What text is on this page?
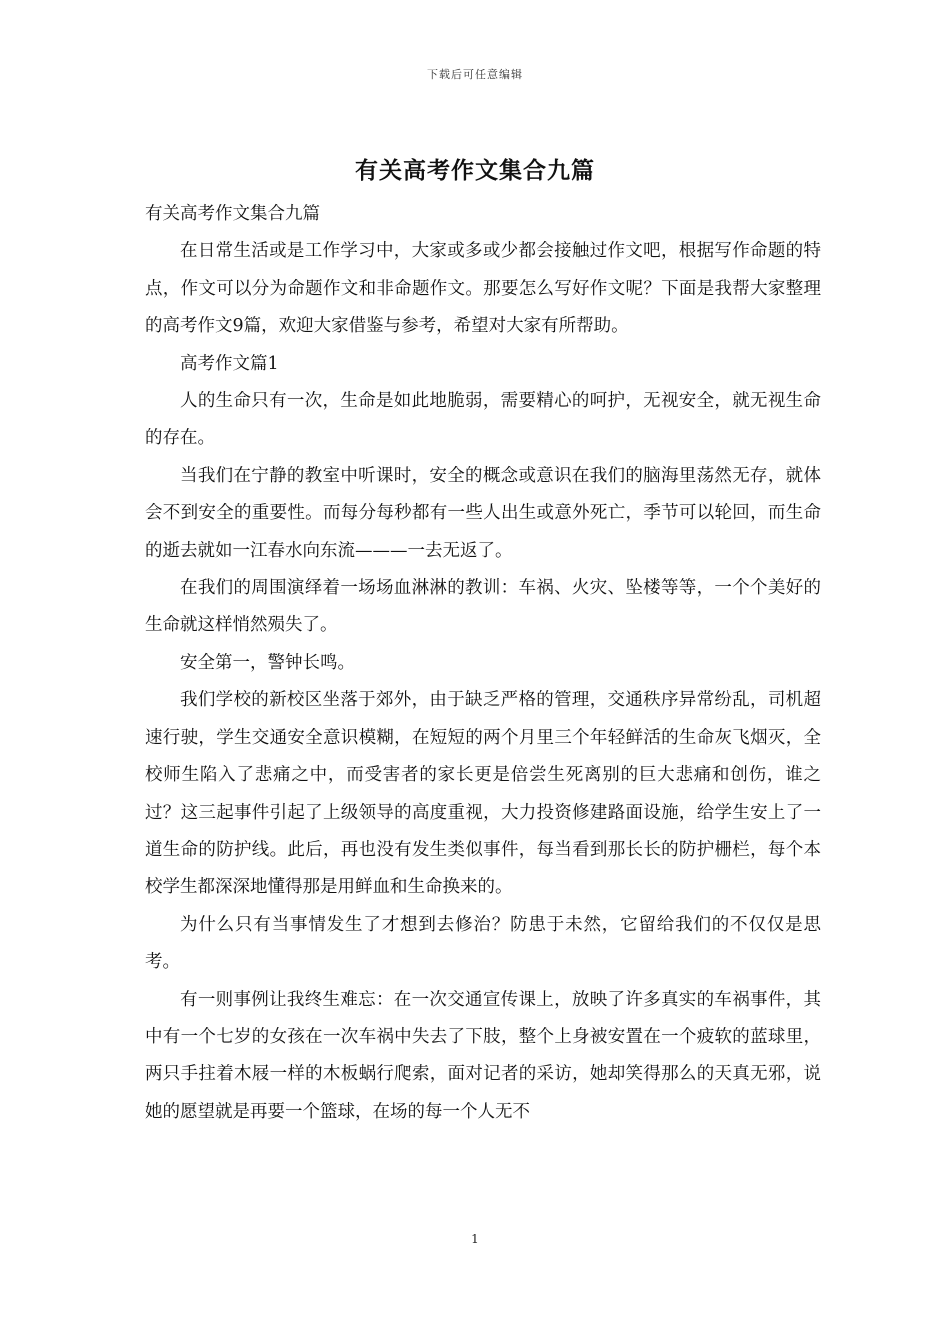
下载后可任意编辑
有关高考作文集合九篇

有关高考作文集合九篇

在日常生活或是工作学习中，大家或多或少都会接触过作文吧，根据写作命题的特点，作文可以分为命题作文和非命题作文。那要怎么写好作文呢？下面是我帮大家整理的高考作文9篇，欢迎大家借鉴与参考，希望对大家有所帮助。

高考作文篇1

人的生命只有一次，生命是如此地脆弱，需要精心的呵护，无视安全，就无视生命的存在。

当我们在宁静的教室中听课时，安全的概念或意识在我们的脑海里荡然无存，就体会不到安全的重要性。而每分每秒都有一些人出生或意外死亡，季节可以轮回，而生命的逝去就如一江春水向东流———一去无返了。

在我们的周围演绎着一场场血淋淋的教训：车祸、火灾、坠楼等等，一个个美好的生命就这样悄然殒失了。

安全第一，警钟长鸣。

我们学校的新校区坐落于郊外，由于缺乏严格的管理，交通秩序异常纷乱，司机超速行驶，学生交通安全意识模糊，在短短的两个月里三个年轻鲜活的生命灰飞烟灭，全校师生陷入了悲痛之中，而受害者的家长更是倍尝生死离别的巨大悲痛和创伤，谁之过？这三起事件引起了上级领导的高度重视，大力投资修建路面设施，给学生安上了一道生命的防护线。此后，再也没有发生类似事件，每当看到那长长的防护栅栏，每个本校学生都深深地懂得那是用鲜血和生命换来的。

为什么只有当事情发生了才想到去修治？防患于未然，它留给我们的不仅仅是思考。

有一则事例让我终生难忘：在一次交通宣传课上，放映了许多真实的车祸事件，其中有一个七岁的女孩在一次车祸中失去了下肢，整个上身被安置在一个疲软的蓝球里，两只手拄着木屐一样的木板蜗行爬索，面对记者的采访，她却笑得那么的天真无邪，说她的愿望就是再要一个篮球，在场的每一个人无不

1
